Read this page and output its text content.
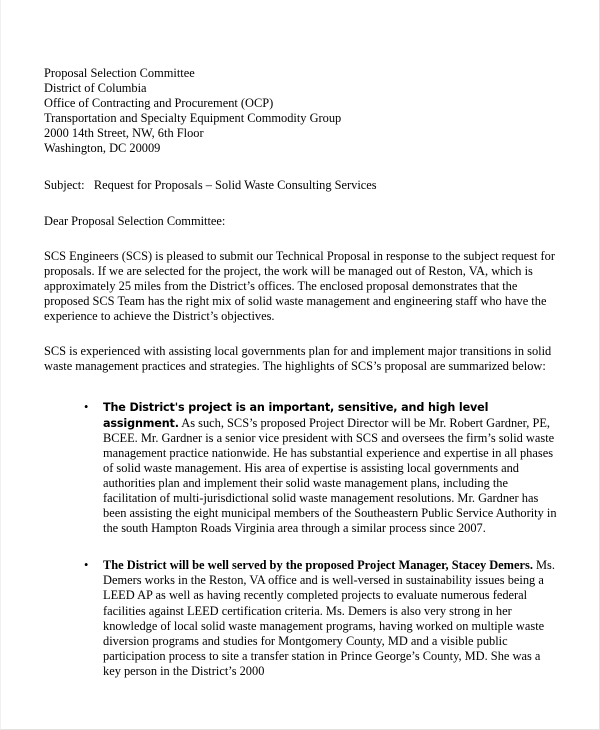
Proposal Selection Committee
District of Columbia
Office of Contracting and Procurement (OCP)
Transportation and Specialty Equipment Commodity Group
2000 14th Street, NW, 6th Floor
Washington, DC 20009
Subject:   Request for Proposals – Solid Waste Consulting Services
Dear Proposal Selection Committee:
SCS Engineers (SCS) is pleased to submit our Technical Proposal in response to the subject request for proposals. If we are selected for the project, the work will be managed out of Reston, VA, which is approximately 25 miles from the District’s offices. The enclosed proposal demonstrates that the proposed SCS Team has the right mix of solid waste management and engineering staff who have the experience to achieve the District’s objectives.
SCS is experienced with assisting local governments plan for and implement major transitions in solid waste management practices and strategies. The highlights of SCS’s proposal are summarized below:
• The District's project is an important, sensitive, and high level assignment. As such, SCS’s proposed Project Director will be Mr. Robert Gardner, PE, BCEE. Mr. Gardner is a senior vice president with SCS and oversees the firm’s solid waste management practice nationwide. He has substantial experience and expertise in all phases of solid waste management. His area of expertise is assisting local governments and authorities plan and implement their solid waste management plans, including the facilitation of multi-jurisdictional solid waste management resolutions. Mr. Gardner has been assisting the eight municipal members of the Southeastern Public Service Authority in the south Hampton Roads Virginia area through a similar process since 2007.
• The District will be well served by the proposed Project Manager, Stacey Demers. Ms. Demers works in the Reston, VA office and is well-versed in sustainability issues being a LEED AP as well as having recently completed projects to evaluate numerous federal facilities against LEED certification criteria. Ms. Demers is also very strong in her knowledge of local solid waste management programs, having worked on multiple waste diversion programs and studies for Montgomery County, MD and a visible public participation process to site a transfer station in Prince George’s County, MD. She was a key person in the District’s 2000
